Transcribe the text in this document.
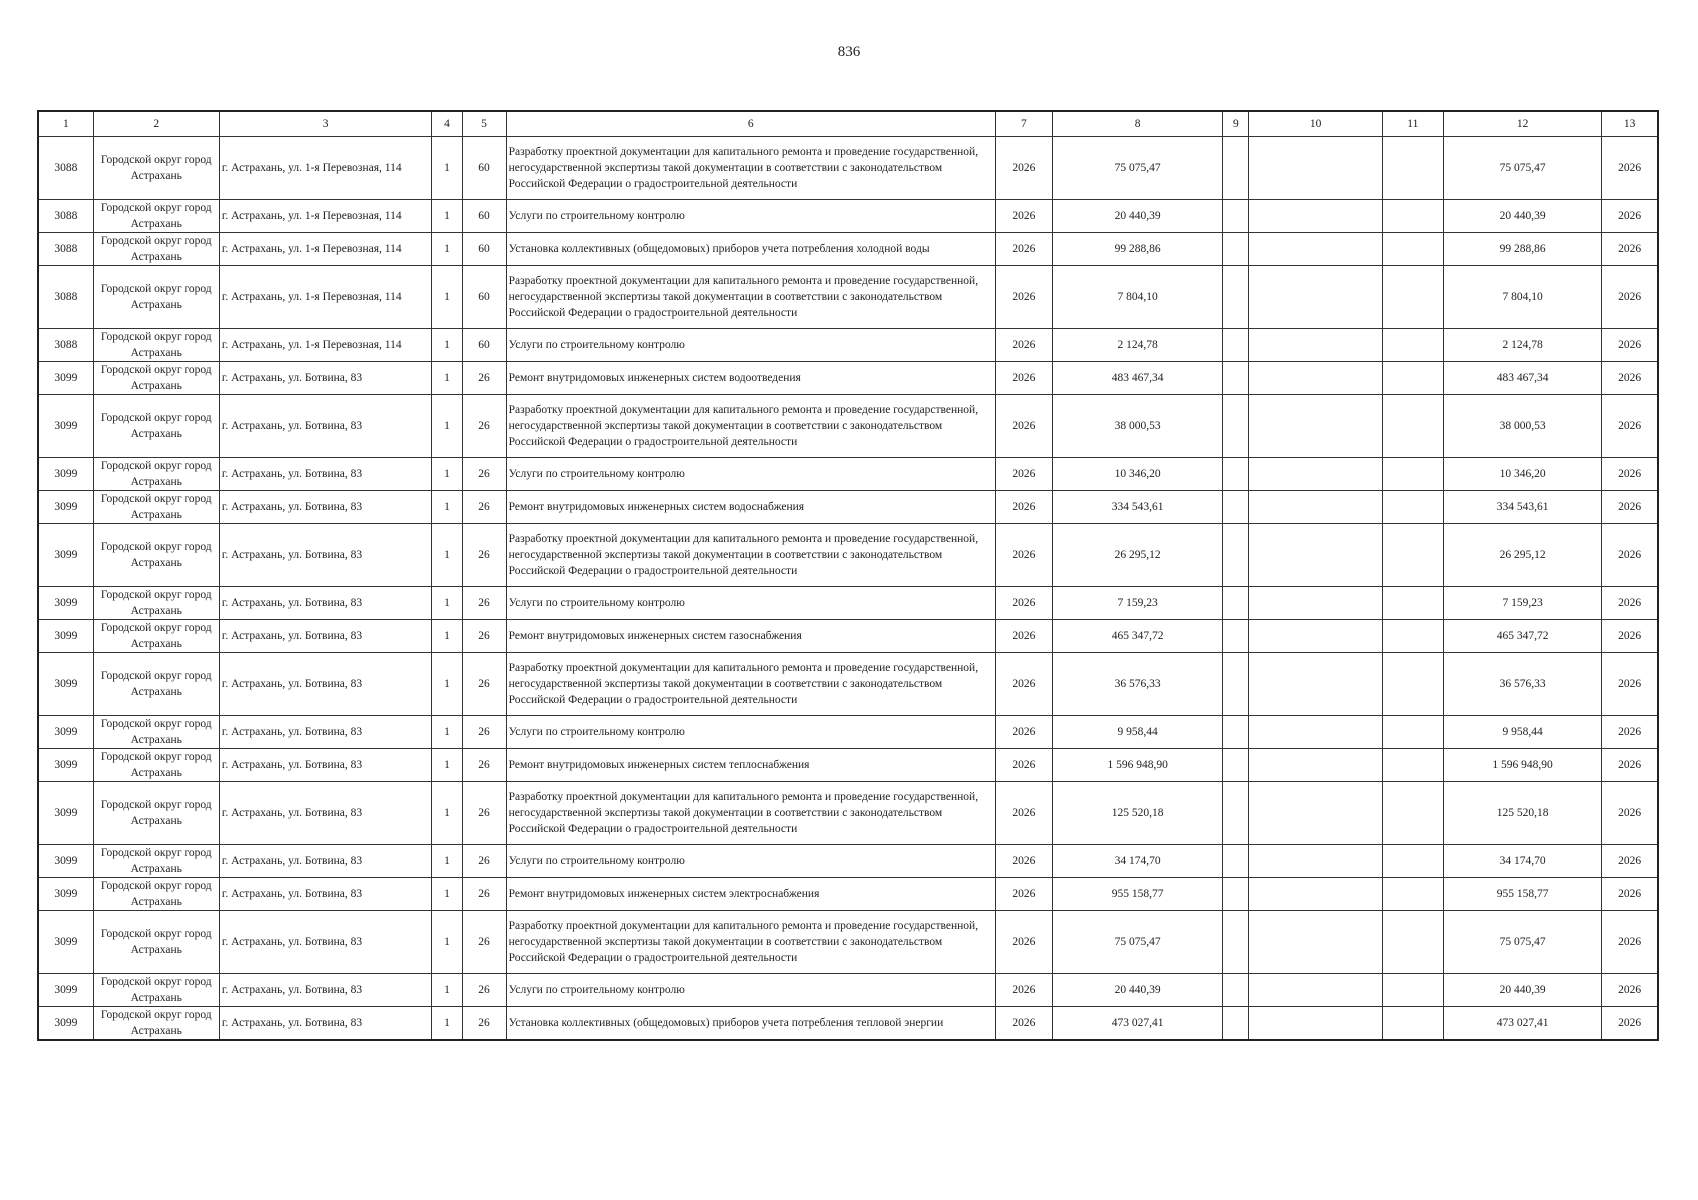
836
1	2	3	4	5	6	7	8	9	10	11	12	13
3088	Городской округ город Астрахань	г. Астрахань, ул. 1-я Перевозная, 114	1	60	Разработку проектной документации для капитального ремонта и проведение государственной, негосударственной экспертизы такой документации в соответствии с законодательством Российской Федерации о градостроительной деятельности	2026	75 075,47				75 075,47	2026
3088	Городской округ город Астрахань	г. Астрахань, ул. 1-я Перевозная, 114	1	60	Услуги по строительному контролю	2026	20 440,39				20 440,39	2026
3088	Городской округ город Астрахань	г. Астрахань, ул. 1-я Перевозная, 114	1	60	Установка коллективных (общедомовых) приборов учета потребления холодной воды	2026	99 288,86				99 288,86	2026
3088	Городской округ город Астрахань	г. Астрахань, ул. 1-я Перевозная, 114	1	60	Разработку проектной документации для капитального ремонта и проведение государственной, негосударственной экспертизы такой документации в соответствии с законодательством Российской Федерации о градостроительной деятельности	2026	7 804,10				7 804,10	2026
3088	Городской округ город Астрахань	г. Астрахань, ул. 1-я Перевозная, 114	1	60	Услуги по строительному контролю	2026	2 124,78				2 124,78	2026
3099	Городской округ город Астрахань	г. Астрахань, ул. Ботвина, 83	1	26	Ремонт внутридомовых инженерных систем водоотведения	2026	483 467,34				483 467,34	2026
3099	Городской округ город Астрахань	г. Астрахань, ул. Ботвина, 83	1	26	Разработку проектной документации для капитального ремонта и проведение государственной, негосударственной экспертизы такой документации в соответствии с законодательством Российской Федерации о градостроительной деятельности	2026	38 000,53				38 000,53	2026
3099	Городской округ город Астрахань	г. Астрахань, ул. Ботвина, 83	1	26	Услуги по строительному контролю	2026	10 346,20				10 346,20	2026
3099	Городской округ город Астрахань	г. Астрахань, ул. Ботвина, 83	1	26	Ремонт внутридомовых инженерных систем водоснабжения	2026	334 543,61				334 543,61	2026
3099	Городской округ город Астрахань	г. Астрахань, ул. Ботвина, 83	1	26	Разработку проектной документации для капитального ремонта и проведение государственной, негосударственной экспертизы такой документации в соответствии с законодательством Российской Федерации о градостроительной деятельности	2026	26 295,12				26 295,12	2026
3099	Городской округ город Астрахань	г. Астрахань, ул. Ботвина, 83	1	26	Услуги по строительному контролю	2026	7 159,23				7 159,23	2026
3099	Городской округ город Астрахань	г. Астрахань, ул. Ботвина, 83	1	26	Ремонт внутридомовых инженерных систем газоснабжения	2026	465 347,72				465 347,72	2026
3099	Городской округ город Астрахань	г. Астрахань, ул. Ботвина, 83	1	26	Разработку проектной документации для капитального ремонта и проведение государственной, негосударственной экспертизы такой документации в соответствии с законодательством Российской Федерации о градостроительной деятельности	2026	36 576,33				36 576,33	2026
3099	Городской округ город Астрахань	г. Астрахань, ул. Ботвина, 83	1	26	Услуги по строительному контролю	2026	9 958,44				9 958,44	2026
3099	Городской округ город Астрахань	г. Астрахань, ул. Ботвина, 83	1	26	Ремонт внутридомовых инженерных систем теплоснабжения	2026	1 596 948,90				1 596 948,90	2026
3099	Городской округ город Астрахань	г. Астрахань, ул. Ботвина, 83	1	26	Разработку проектной документации для капитального ремонта и проведение государственной, негосударственной экспертизы такой документации в соответствии с законодательством Российской Федерации о градостроительной деятельности	2026	125 520,18				125 520,18	2026
3099	Городской округ город Астрахань	г. Астрахань, ул. Ботвина, 83	1	26	Услуги по строительному контролю	2026	34 174,70				34 174,70	2026
3099	Городской округ город Астрахань	г. Астрахань, ул. Ботвина, 83	1	26	Ремонт внутридомовых инженерных систем электроснабжения	2026	955 158,77				955 158,77	2026
3099	Городской округ город Астрахань	г. Астрахань, ул. Ботвина, 83	1	26	Разработку проектной документации для капитального ремонта и проведение государственной, негосударственной экспертизы такой документации в соответствии с законодательством Российской Федерации о градостроительной деятельности	2026	75 075,47				75 075,47	2026
3099	Городской округ город Астрахань	г. Астрахань, ул. Ботвина, 83	1	26	Услуги по строительному контролю	2026	20 440,39				20 440,39	2026
3099	Городской округ город Астрахань	г. Астрахань, ул. Ботвина, 83	1	26	Установка коллективных (общедомовых) приборов учета потребления тепловой энергии	2026	473 027,41				473 027,41	2026
